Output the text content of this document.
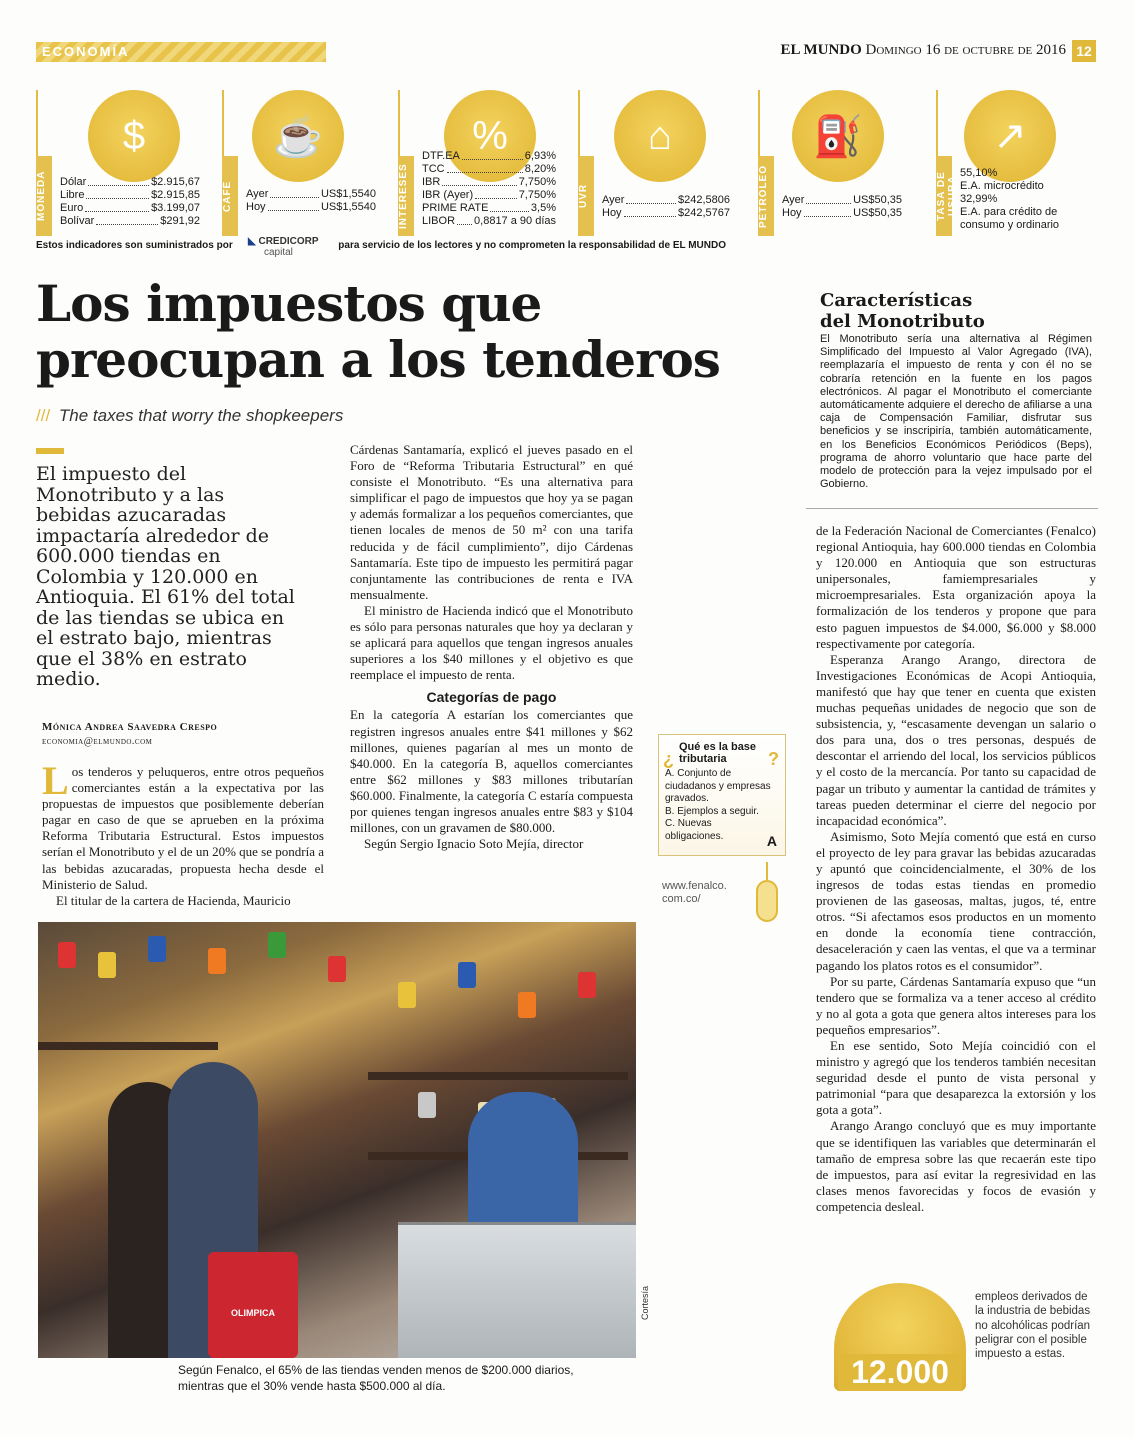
ECONOMÍA	EL MUNDO Domingo 16 de octubre de 2016 12
$
MONEDA	Dólar	$2.915,67
Libre	$2.915,85
Euro	$3.199,07
Bolívar	$291,92
☕
CAFÉ	Ayer	US$1,5540
Hoy	US$1,5540
%
INTERESES
DTF.EA	6,93%
TCC	8,20%
IBR	7,750%
IBR (Ayer)	7,750%
PRIME RATE	3,5%
LIBOR 0,8817 a 90 días
⌂
UVR	Ayer	$242,5806
Hoy	$242,5767
⛽
PETRÓLEO	Ayer	US$50,35
Hoy	US$50,35
↗
TASA DE USURA
55,10%
E.A. microcrédito
32,99%
E.A. para crédito de
consumo y ordinario
Estos indicadores son suministrados por	para servicio de los lectores y no comprometen la responsabilidad de EL MUNDO
◣ CREDICORP
capital
Los impuestos que
preocupan a los tenderos
/// The taxes that worry the shopkeepers
El impuesto del Monotributo y a las bebidas azucaradas impactaría alrededor de 600.000 tiendas en Colombia y 120.000 en Antioquia. El 61% del total de las tiendas se ubica en el estrato bajo, mientras que el 38% en estrato medio.
Mónica Andrea Saavedra Crespo
economia@elmundo.com

Los tenderos y peluqueros, entre otros pequeños comerciantes están a la expectativa por las propuestas de impuestos que posiblemente deberían pagar en caso de que se aprueben en la próxima Reforma Tributaria Estructural. Estos impuestos serían el Monotributo y el de un 20% que se pondría a las bebidas azucaradas, propuesta hecha desde el Ministerio de Salud.

El titular de la cartera de Hacienda, Mauricio

Cárdenas Santamaría, explicó el jueves pasado en el Foro de “Reforma Tributaria Estructural” en qué consiste el Monotributo. “Es una alternativa para simplificar el pago de impuestos que hoy ya se pagan y además formalizar a los pequeños comerciantes, que tienen locales de menos de 50 m² con una tarifa reducida y de fácil cumplimiento”, dijo Cárdenas Santamaría. Este tipo de impuesto les permitirá pagar conjuntamente las contribuciones de renta e IVA mensualmente.

El ministro de Hacienda indicó que el Monotributo es sólo para personas naturales que hoy ya declaran y se aplicará para aquellos que tengan ingresos anuales superiores a los $40 millones y el objetivo es que reemplace el impuesto de renta.

Categorías de pago

En la categoría A estarían los comerciantes que registren ingresos anuales entre $41 millones y $62 millones, quienes pagarían al mes un monto de $40.000. En la categoría B, aquellos comerciantes entre $62 millones y $83 millones tributarían $60.000. Finalmente, la categoría C estaría compuesta por quienes tengan ingresos anuales entre $83 y $104 millones, con un gravamen de $80.000.

Según Sergio Ignacio Soto Mejía, director

Características
del Monotributo
El Monotributo sería una alternativa al Régimen Simplificado del Impuesto al Valor Agregado (IVA), reemplazaría el impuesto de renta y con él no se cobraría retención en la fuente en los pagos electrónicos. Al pagar el Monotributo el comerciante automáticamente adquiere el derecho de afiliarse a una caja de Compensación Familiar, disfrutar sus beneficios y se inscripiría, también automáticamente, en los Beneficios Económicos Periódicos (Beps), programa de ahorro voluntario que hace parte del modelo de protección para la vejez impulsado por el Gobierno.

de la Federación Nacional de Comerciantes (Fenalco) regional Antioquia, hay 600.000 tiendas en Colombia y 120.000 en Antioquia que son estructuras unipersonales, famiempresariales y microempresariales. Esta organización apoya la formalización de los tenderos y propone que para esto paguen impuestos de $4.000, $6.000 y $8.000 respectivamente por categoría.

Esperanza Arango Arango, directora de Investigaciones Económicas de Acopi Antioquia, manifestó que hay que tener en cuenta que existen muchas pequeñas unidades de negocio que son de subsistencia, y, “escasamente devengan un salario o dos para una, dos o tres personas, después de descontar el arriendo del local, los servicios públicos y el costo de la mercancía. Por tanto su capacidad de pagar un tributo y aumentar la cantidad de trámites y tareas pueden determinar el cierre del negocio por incapacidad económica”.

Asimismo, Soto Mejía comentó que está en curso el proyecto de ley para gravar las bebidas azucaradas y apuntó que coincidencialmente, el 30% de los ingresos de todas estas tiendas en promedio provienen de las gaseosas, maltas, jugos, té, entre otros. “Si afectamos esos productos en un momento en donde la economía tiene contracción, desaceleración y caen las ventas, el que va a terminar pagando los platos rotos es el consumidor”.

Por su parte, Cárdenas Santamaría expuso que “un tendero que se formaliza va a tener acceso al crédito y no al gota a gota que genera altos intereses para los pequeños empresarios”.

En ese sentido, Soto Mejía coincidió con el ministro y agregó que los tenderos también necesitan seguridad desde el punto de vista personal y patrimonial “para que desaparezca la extorsión y los gota a gota”.

Arango Arango concluyó que es muy importante que se identifiquen las variables que determinarán el tamaño de empresa sobre las que recaerán este tipo de impuestos, para así evitar la regresividad en las clases menos favorecidas y focos de evasión y competencia desleal.

¿	?
Qué es la base tributaria
A. Conjunto de ciudadanos y empresas gravados.
B. Ejemplos a seguir.
C. Nuevas obligaciones.	A
www.fenalco.
com.co/
OLIMPICA	Cortesía
Según Fenalco, el 65% de las tiendas venden menos de $200.000 diarios, mientras que el 30% vende hasta $500.000 al día.	12.000
empleos derivados de la industria de bebidas no alcohólicas podrían peligrar con el posible impuesto a estas.
